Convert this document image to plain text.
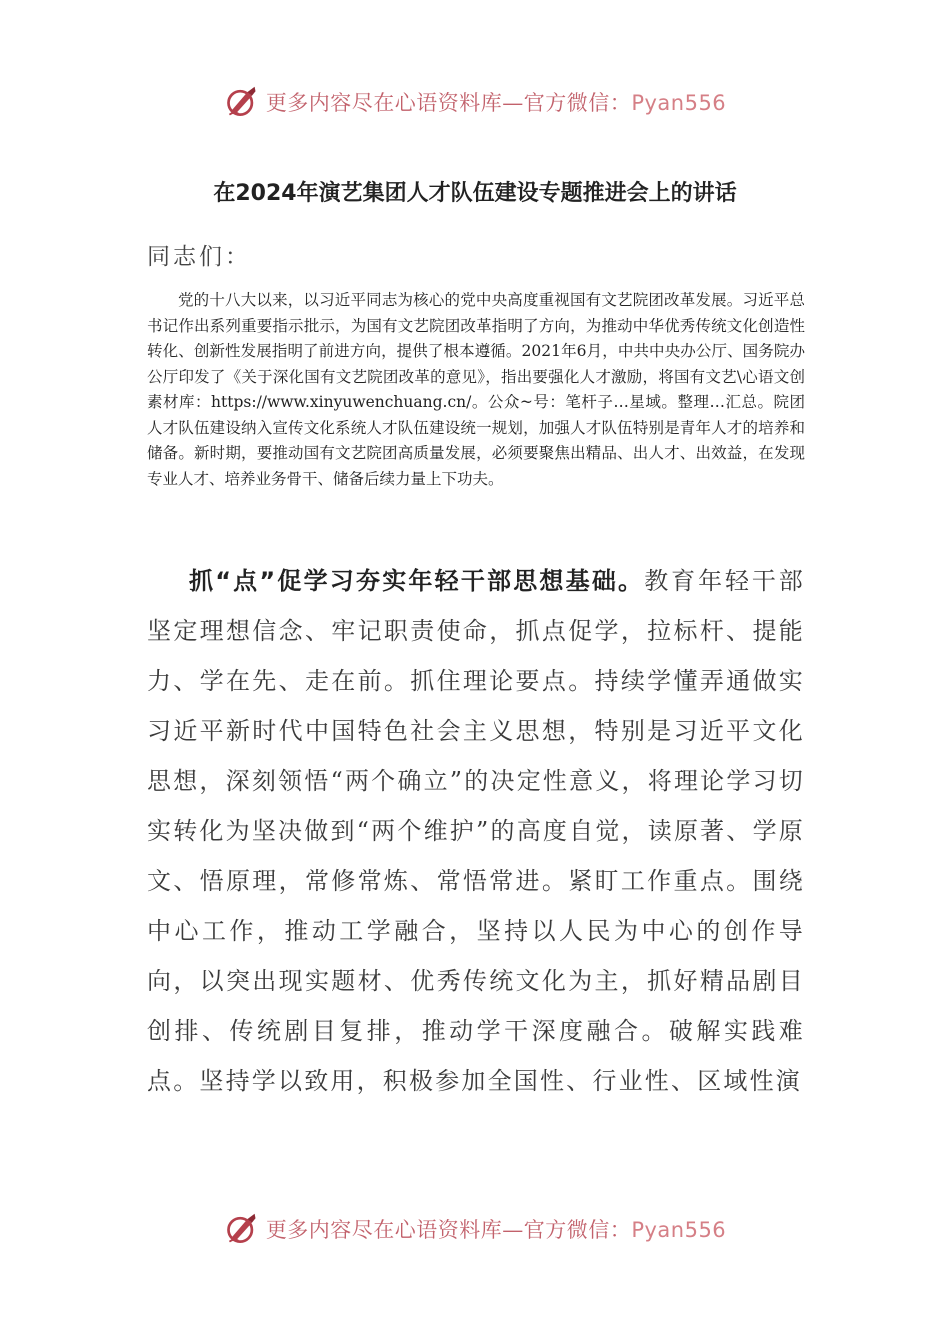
更多内容尽在心语资料库—官方微信：Pyan556
在2024年演艺集团人才队伍建设专题推进会上的讲话

同志们：

党的十八大以来，以习近平同志为核心的党中央高度重视国有文艺院团改革发展。习近平总书记作出系列重要指示批示，为国有文艺院团改革指明了方向，为推动中华优秀传统文化创造性转化、创新性发展指明了前进方向，提供了根本遵循。2021年6月，中共中央办公厅、国务院办公厅印发了《关于深化国有文艺院团改革的意见》，指出要强化人才激励，将国有文艺\心语文创素材库：https://www.xinyuwenchuang.cn/。公众~号：笔杆子…星域。整理…汇总。院团人才队伍建设纳入宣传文化系统人才队伍建设统一规划，加强人才队伍特别是青年人才的培养和储备。新时期，要推动国有文艺院团高质量发展，必须要聚焦出精品、出人才、出效益，在发现专业人才、培养业务骨干、储备后续力量上下功夫。

抓“点”促学习夯实年轻干部思想基础。教育年轻干部坚定理想信念、牢记职责使命，抓点促学，拉标杆、提能力、学在先、走在前。抓住理论要点。持续学懂弄通做实习近平新时代中国特色社会主义思想，特别是习近平文化思想，深刻领悟“两个确立”的决定性意义，将理论学习切实转化为坚决做到“两个维护”的高度自觉，读原著、学原文、悟原理，常修常炼、常悟常进。紧盯工作重点。围绕中心工作，推动工学融合，坚持以人民为中心的创作导向，以突出现实题材、优秀传统文化为主，抓好精品剧目创排、传统剧目复排，推动学干深度融合。破解实践难点。坚持学以致用，积极参加全国性、行业性、区域性演

更多内容尽在心语资料库—官方微信：Pyan556
